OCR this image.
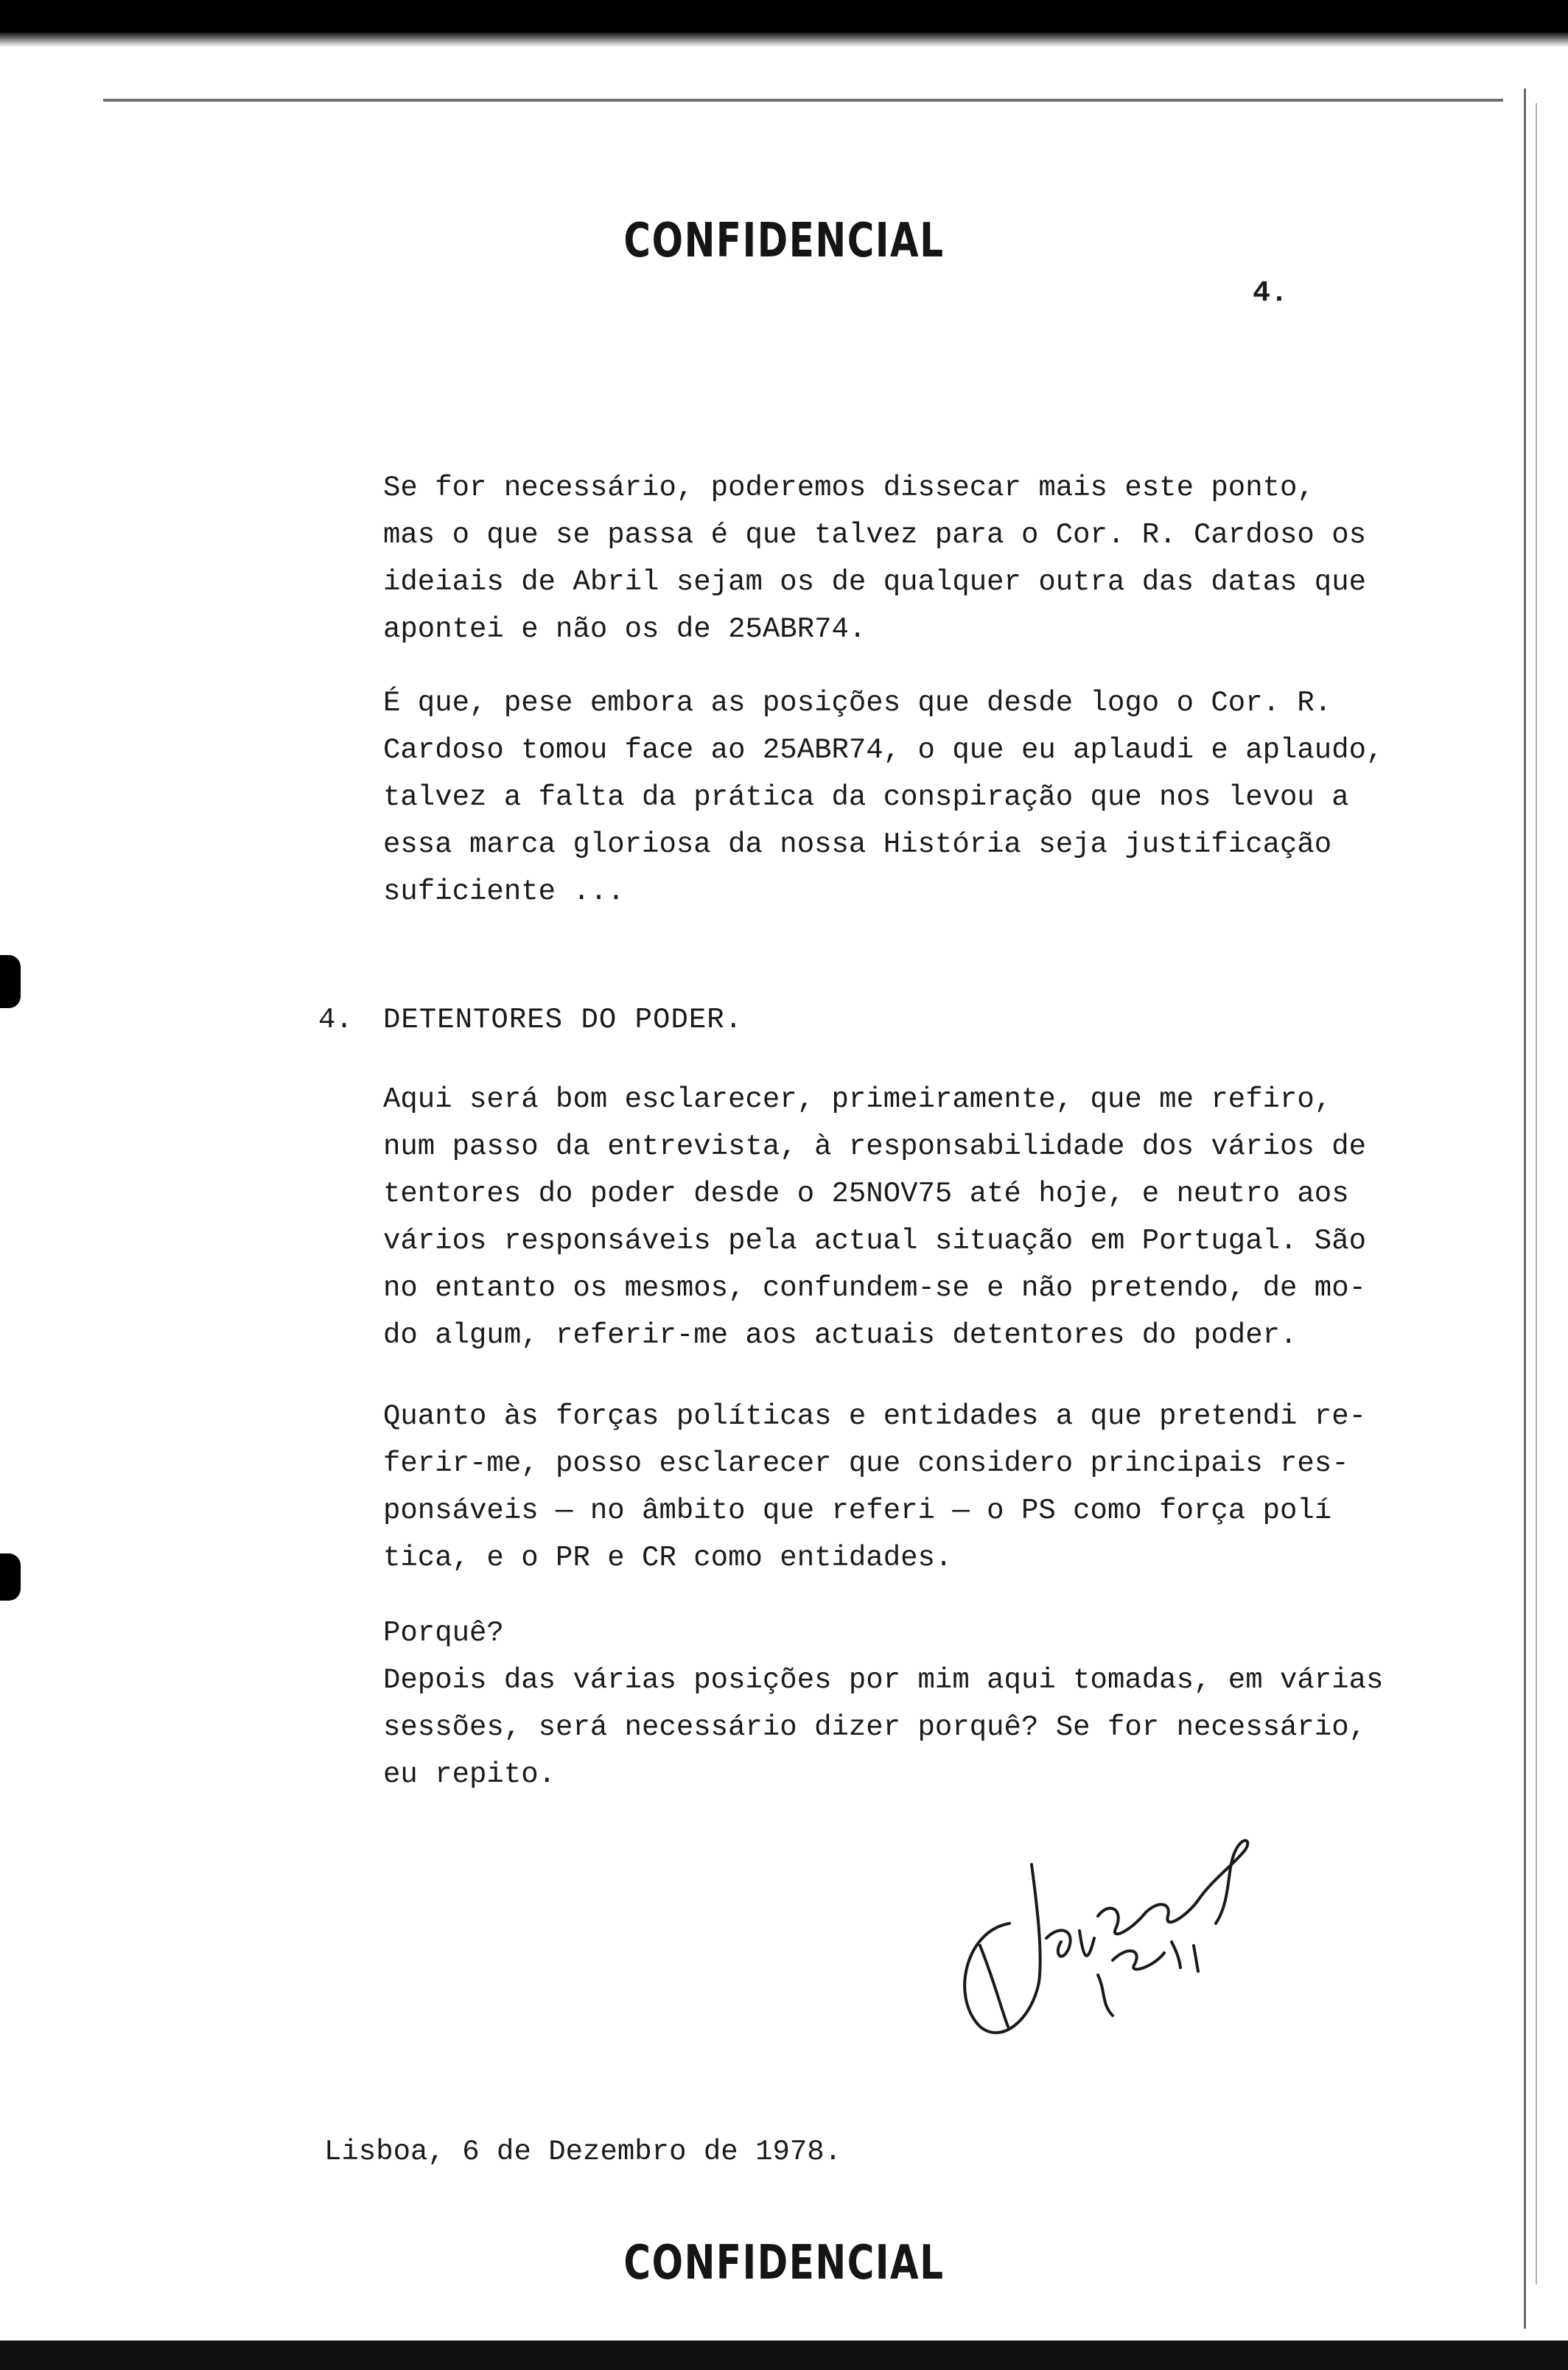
CONFIDENCIAL
4.

Se for necessário, poderemos dissecar mais este ponto,

mas o que se passa é que talvez para o Cor. R. Cardoso os

ideiais de Abril sejam os de qualquer outra das datas que

apontei e não os de 25ABR74.

É que, pese embora as posições que desde logo o Cor. R.

Cardoso tomou face ao 25ABR74, o que eu aplaudi e aplaudo,

talvez a falta da prática da conspiração que nos levou a

essa marca gloriosa da nossa História seja justificação

suficiente ...

4. DETENTORES DO PODER.

Aqui será bom esclarecer, primeiramente, que me refiro,

num passo da entrevista, à responsabilidade dos vários de

tentores do poder desde o 25NOV75 até hoje, e neutro aos

vários responsáveis pela actual situação em Portugal. São

no entanto os mesmos, confundem-se e não pretendo, de mo-

do algum, referir-me aos actuais detentores do poder.

Quanto às forças políticas e entidades a que pretendi re-

ferir-me, posso esclarecer que considero principais res-

ponsáveis — no âmbito que referi — o PS como força polí

tica, e o PR e CR como entidades.

Porquê?

Depois das várias posições por mim aqui tomadas, em várias

sessões, será necessário dizer porquê? Se for necessário,

eu repito.

Lisboa, 6 de Dezembro de 1978.
CONFIDENCIAL
